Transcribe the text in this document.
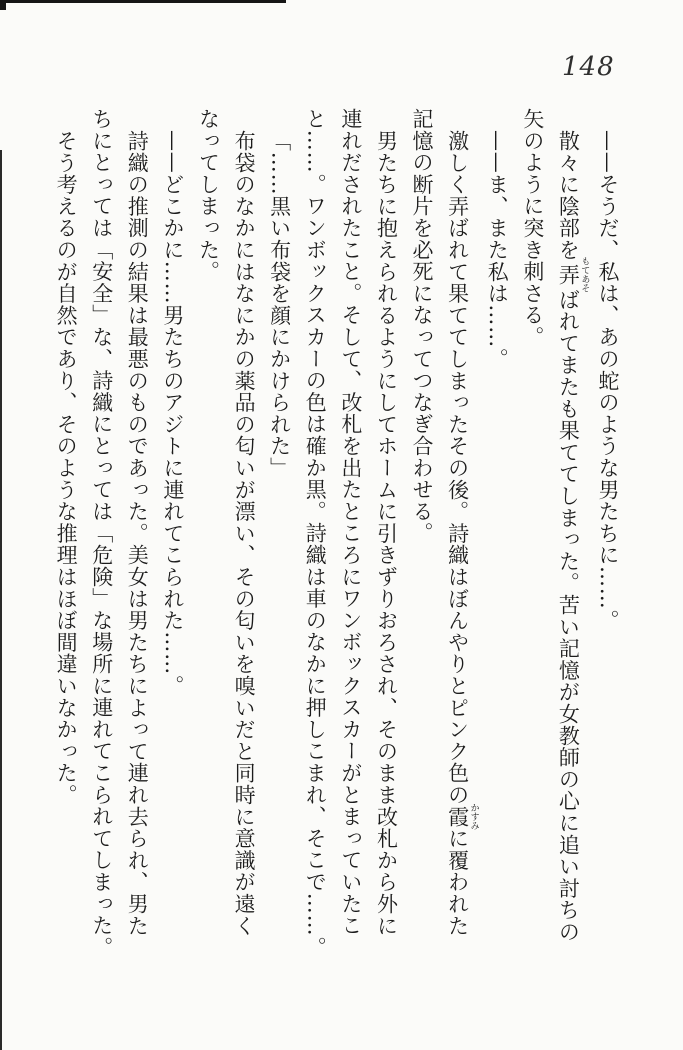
148
——そうだ、私は、あの蛇のような男たちに……。
散々に陰部を弄 もてあそばれてまたも果ててしまった。苦い記憶が女教師の心に追い討ちの
矢のように突き刺さる。
——ま、また私は……。
激しく弄ばれて果ててしまったその後。詩織はぼんやりとピンク色の霞 かすみに覆われた
記憶の断片を必死になってつなぎ合わせる。
男たちに抱えられるようにしてホームに引きずりおろされ、そのまま改札から外に
連れだされたこと。そして、改札を出たところにワンボックスカーがとまっていたこ
と……。ワンボックスカーの色は確か黒。詩織は車のなかに押しこまれ、そこで……。
「……黒い布袋を顔にかけられた」
布袋のなかにはなにかの薬品の匂いが漂い、その匂いを嗅いだと同時に意識が遠く
なってしまった。
——どこかに……男たちのアジトに連れてこられた……。
詩織の推測の結果は最悪のものであった。美女は男たちによって連れ去られ、男た
ちにとっては「安全」な、詩織にとっては「危険」な場所に連れてこられてしまった。
そう考えるのが自然であり、そのような推理はほぼ間違いなかった。
